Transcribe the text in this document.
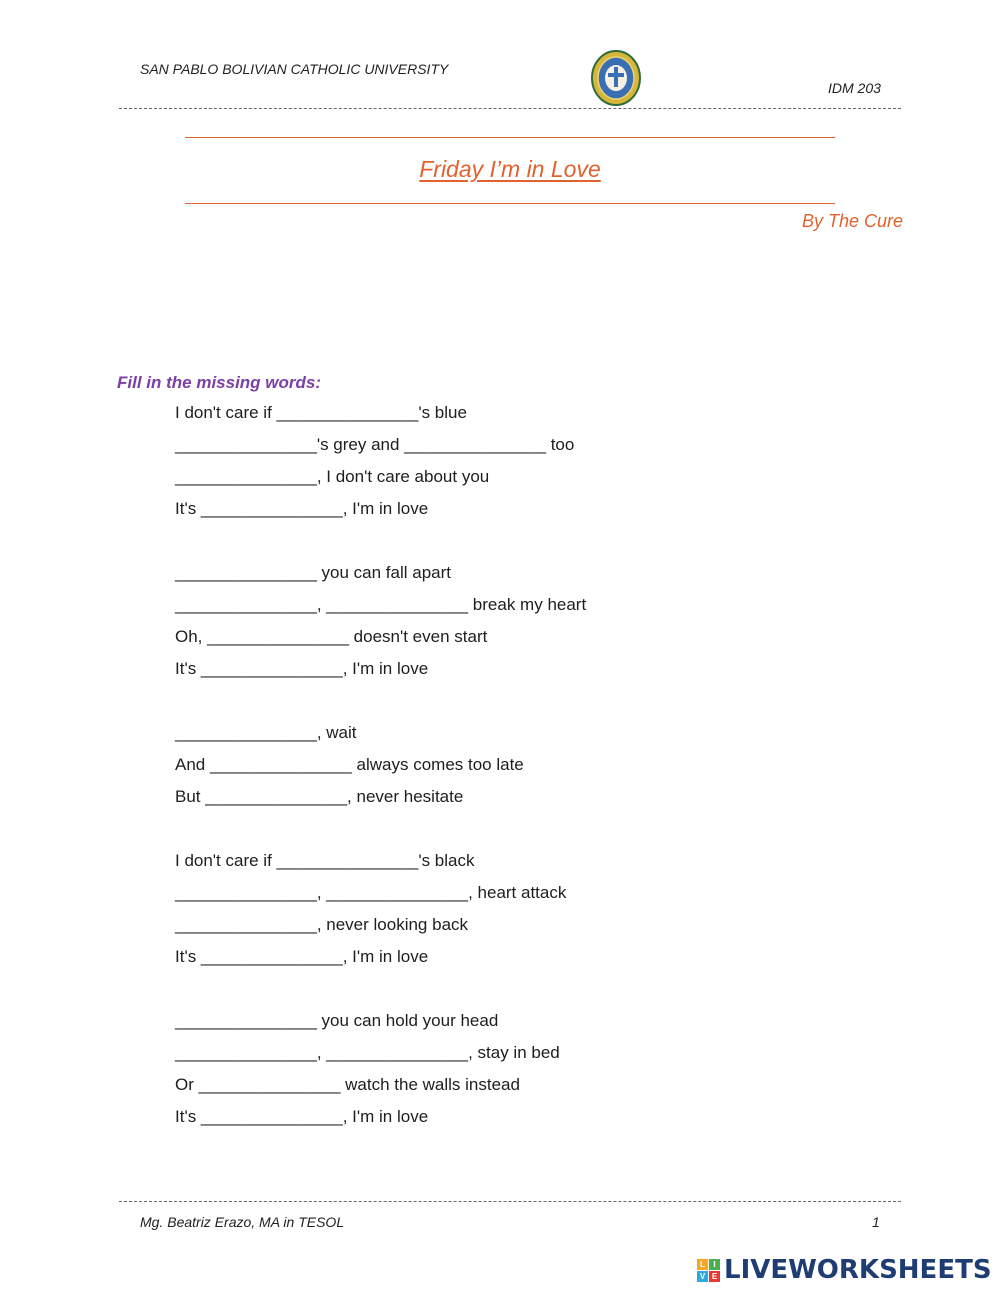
SAN PABLO BOLIVIAN CATHOLIC UNIVERSITY
IDM 203
Friday I’m in Love
By The Cure
Fill in the missing words:
I don't care if _______________'s blue
_______________'s grey and _______________ too
_______________, I don't care about you
It's _______________, I'm in love
_______________ you can fall apart
_______________, _______________ break my heart
Oh, _______________ doesn't even start
It's _______________, I'm in love
_______________, wait
And _______________ always comes too late
But _______________, never hesitate
I don't care if _______________'s black
_______________, _______________, heart attack
_______________, never looking back
It's _______________, I'm in love
_______________ you can hold your head
_______________, _______________, stay in bed
Or _______________ watch the walls instead
It's _______________, I'm in love
Mg. Beatriz Erazo, MA in TESOL	1
L	I
V E LIVEWORKSHEETS
